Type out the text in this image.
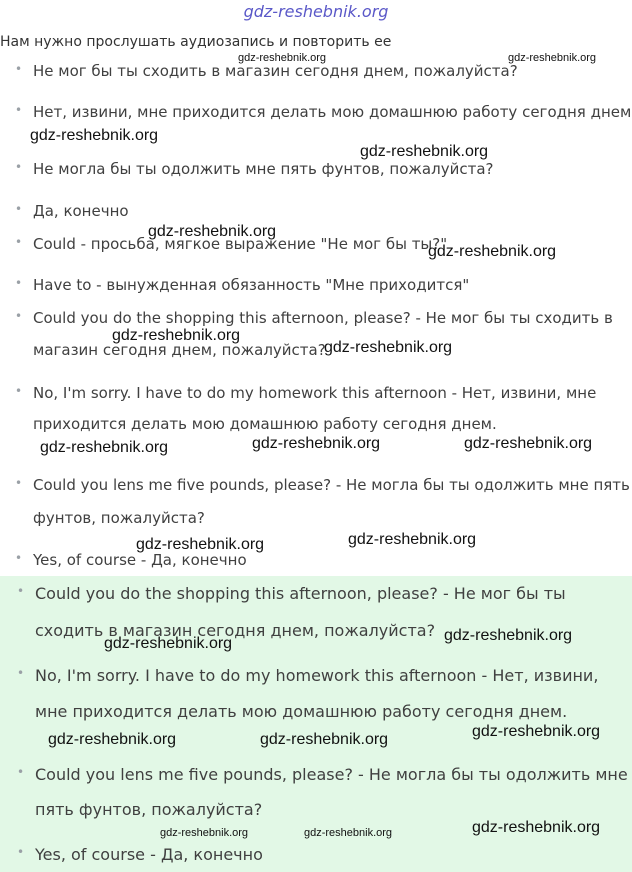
gdz-reshebnik.org
Нам нужно прослушать аудиозапись и повторить ее
• Не мог бы ты сходить в магазин сегодня днем, пожалуйста?
• Нет, извини, мне приходится делать мою домашнюю работу сегодня днем
• Не могла бы ты одолжить мне пять фунтов, пожалуйста?
• Да, конечно
• Could - просьба, мягкое выражение "Не мог бы ты?"
• Have to - вынужденная обязанность "Мне приходится"
• Could you do the shopping this afternoon, please? - Не мог бы ты сходить в
магазин сегодня днем, пожалуйста?
• No, I'm sorry. I have to do my homework this afternoon - Нет, извини, мне
приходится делать мою домашнюю работу сегодня днем.
• Could you lens me five pounds, please? - Не могла бы ты одолжить мне пять
фунтов, пожалуйста?
• Yes, of course - Да, конечно
• Could you do the shopping this afternoon, please? - Не мог бы ты
сходить в магазин сегодня днем, пожалуйста?
• No, I'm sorry. I have to do my homework this afternoon - Нет, извини,
мне приходится делать мою домашнюю работу сегодня днем.
• Could you lens me five pounds, please? - Не могла бы ты одолжить мне
пять фунтов, пожалуйста?
• Yes, of course - Да, конечно
gdz-reshebnik.org	gdz-reshebnik.org
gdz-reshebnik.org
gdz-reshebnik.org
gdz-reshebnik.org
gdz-reshebnik.org
gdz-reshebnik.org
gdz-reshebnik.org
gdz-reshebnik.org	gdz-reshebnik.org	gdz-reshebnik.org
gdz-reshebnik.org	gdz-reshebnik.org
gdz-reshebnik.org	gdz-reshebnik.org
gdz-reshebnik.org	gdz-reshebnik.org	gdz-reshebnik.org
gdz-reshebnik.org
gdz-reshebnik.org	gdz-reshebnik.org
